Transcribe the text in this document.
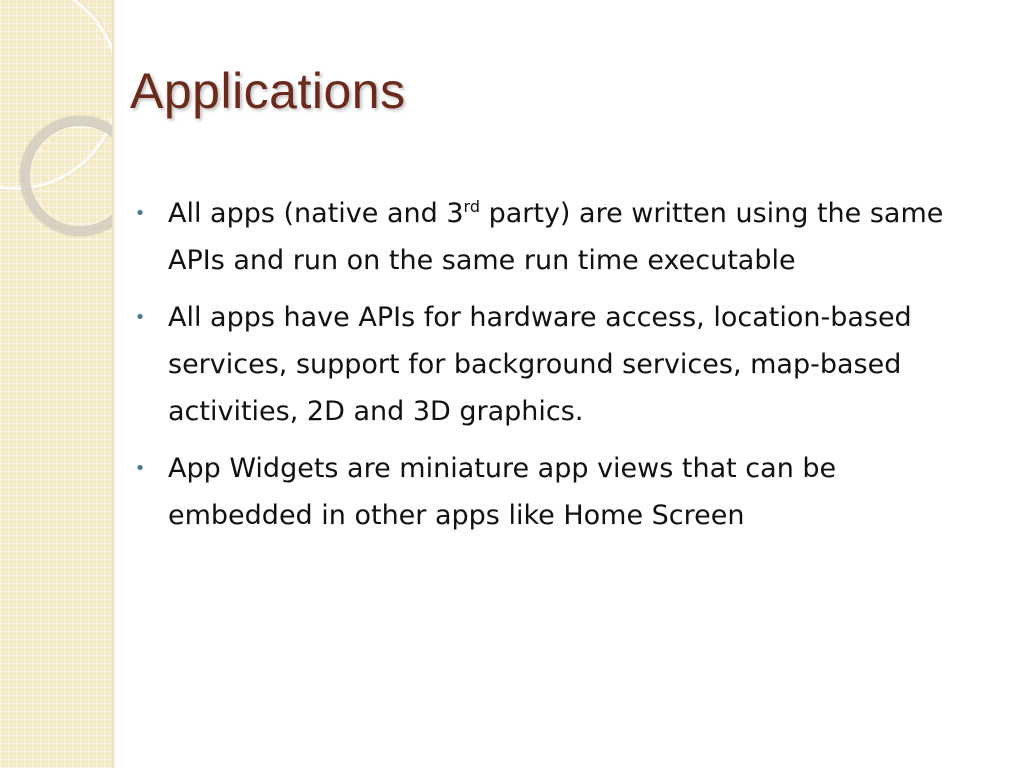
Applications
• All apps (native and 3rd party) are written using the same APIs and run on the same run time executable
• All apps have APIs for hardware access, location-based services, support for background services, map-based activities, 2D and 3D graphics.
• App Widgets are miniature app views that can be embedded in other apps like Home Screen
